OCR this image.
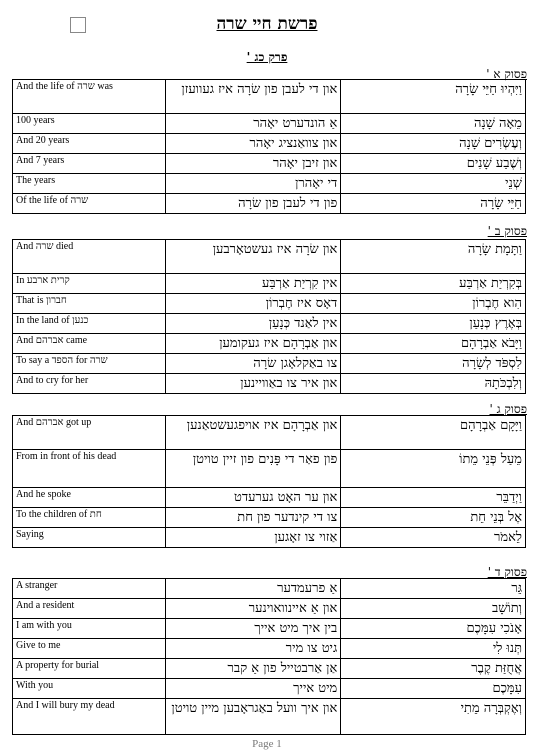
פרשת חיי שרה
פרק כג '
פסוק א '
And the life of שרה was	און די לעבן פון שׂרָה איז געוועזן	וַיִּהְיוּ חַיֵּי שָׂרָה
100 years	אַ הונדערט יאָהר	מֵאָה שָׁנָה
And 20 years	און צוואַנציג יאָהר	וְעֶשְׂרִים שָׁנָה
And 7 years	און זיבן יאָהר	וְשֶׁבַע שָׁנִים
The years	די יאָהרן	שְׁנֵי
Of the life of שרה	פון די לעבן פון שׂרָה	חַיֵּי שָׂרָה
פסוק ב '
And שרה died	און שׂרָה איז געשטאָרבען	וַתָּמָת שָׂרָה
In קרית ארבע	אין קִרְיַת אַרְבַּע	בְּקִרְיַת אַרְבַּע
That is חברון	דאָס איז חֶבְרוֹן	הִוא חֶבְרוֹן
In the land of כנען	אין לאַנד כְּנָעַן	בְּאֶרֶץ כְּנָעַן
And אברהם came	און אַבְרָהָם איז געקומען	וַיָּבֹא אַבְרָהָם
To say a הספד for שרה	צו באַקלאָגן שׂרָה	לִסְפֹּד לְשָׂרָה
And to cry for her	און איר צו באַוויינען	וְלִבְכֹּתָהּ
פסוק ג '
And אברהם got up	און אַבְרָהָם איז אויפגעשטאַנען	וַיָּקָם אַבְרָהָם
From in front of his dead	פון פאַר די פָּנִים פון זיין טויטן	מֵעַל פְּנֵי מֵתוֹ
And he spoke	און ער האָט גערעדט	וַיְדַבֵּר
To the children of חת	צו די קינדער פון חת	אֶל בְּנֵי חֵת
Saying	אַזוי צו זאָגען	לֵאמֹר
פסוק ד '
A stranger	אַ פרעמדער	גֵּר
And a resident	און אַ איינוואוינער	וְתוֹשָׁב
I am with you	בין איך מיט אייך	אָנֹכִי עִמָּכֶם
Give to me	גיט צו מיר	תְּנוּ לִי
A property for burial	אַן אַרבטייל פון אַ קבר	אֲחֻזַּת קֶבֶר
With you	מיט אייך	עִמָּכֶם
And I will bury my dead	און איך וועל באַגראָבען מיין טויטן	וְאֶקְבְּרָה מֵתִי
Page 1
